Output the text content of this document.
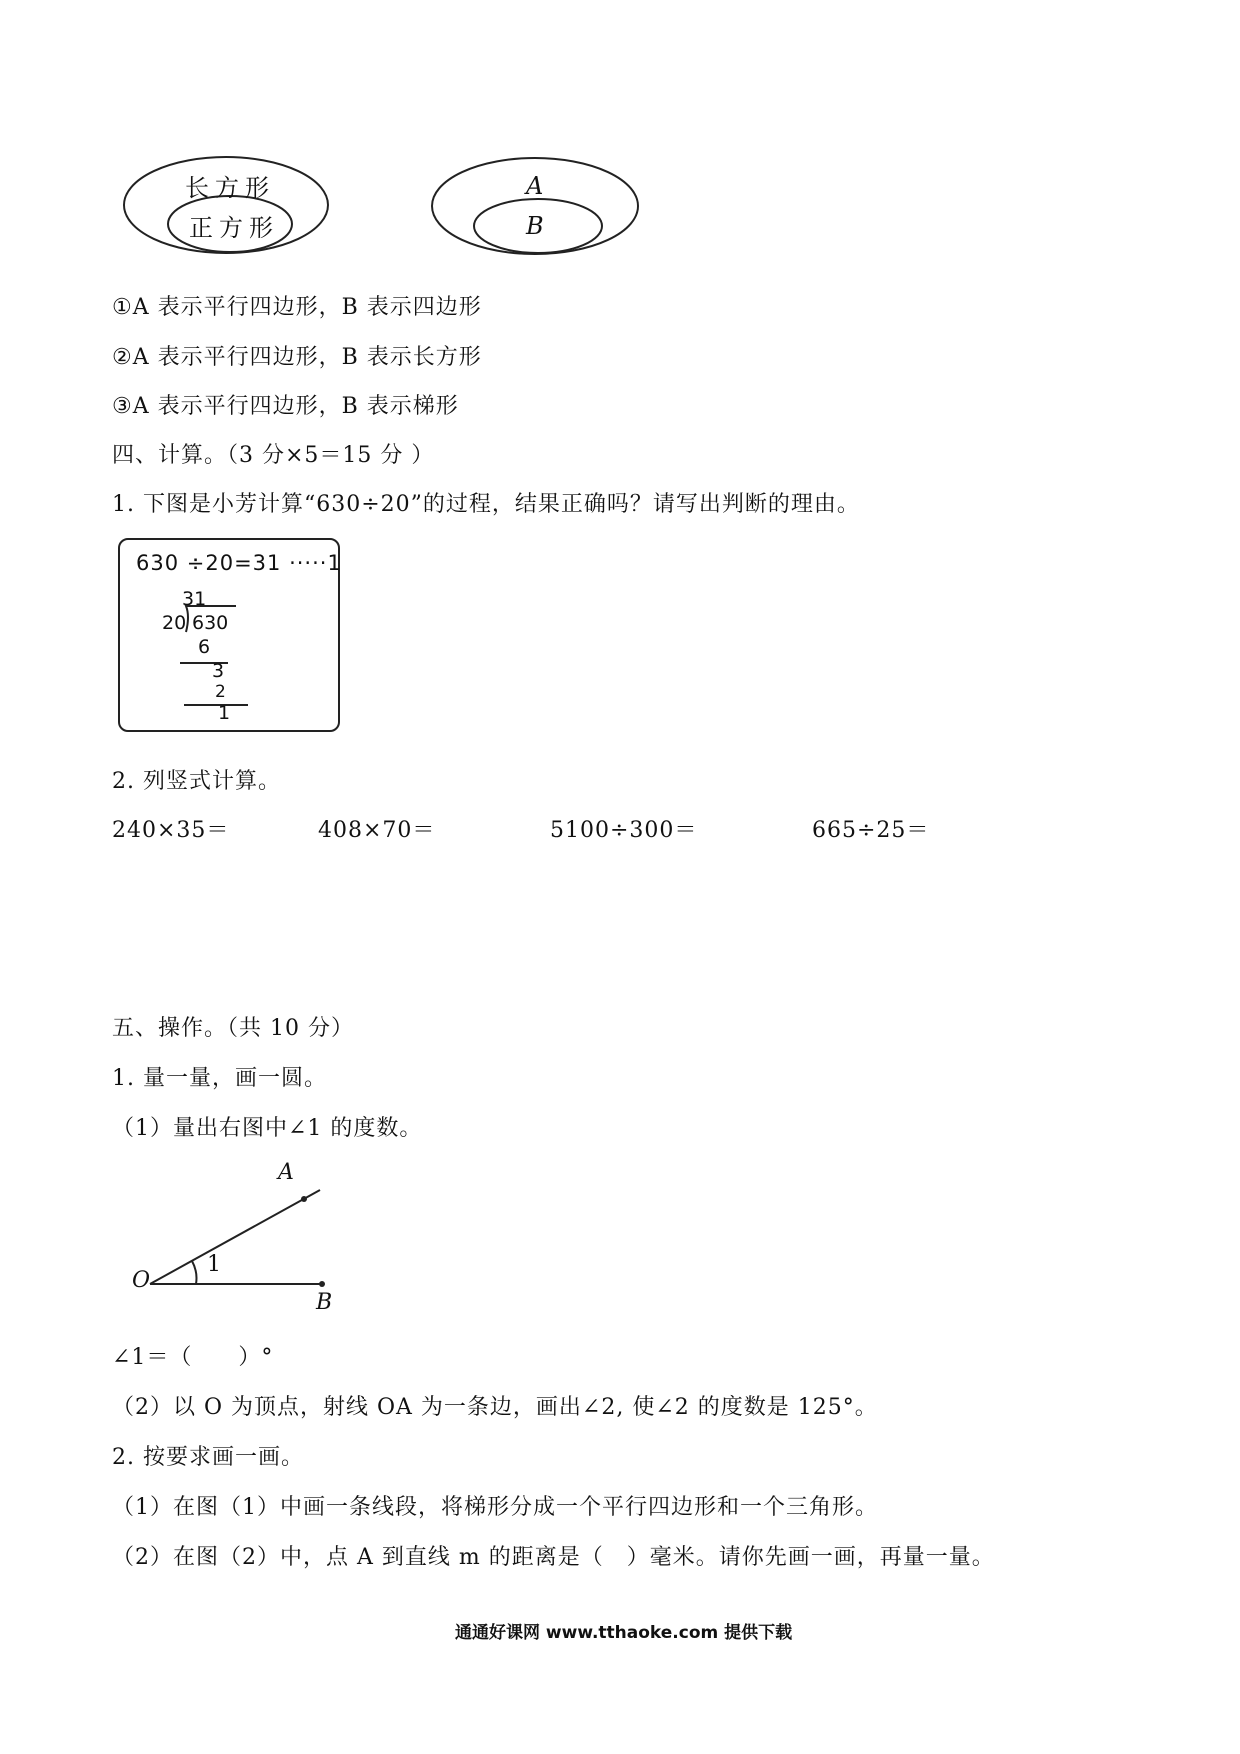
长方形
正方形
A
B
①A 表示平行四边形，B 表示四边形
②A 表示平行四边形，B 表示长方形
③A 表示平行四边形，B 表示梯形
四、计算。（3 分×5＝15 分 ）
1. 下图是小芳计算“630÷20”的过程，结果正确吗？请写出判断的理由。
630 ÷20=31 ·····1
31
20 630
6
3
2
1
2. 列竖式计算。
240×35＝	408×70＝	5100÷300＝	665÷25＝
五、操作。（共 10 分）
1. 量一量，画一圆。
（1）量出右图中∠1 的度数。
A
O
B
1
∠1＝（　　）°
（2）以 O 为顶点，射线 OA 为一条边，画出∠2, 使∠2 的度数是 125°。
2. 按要求画一画。
（1）在图（1）中画一条线段，将梯形分成一个平行四边形和一个三角形。
（2）在图（2）中，点 A 到直线 m 的距离是（　）毫米。请你先画一画，再量一量。
通通好课网 www.tthaoke.com 提供下载
